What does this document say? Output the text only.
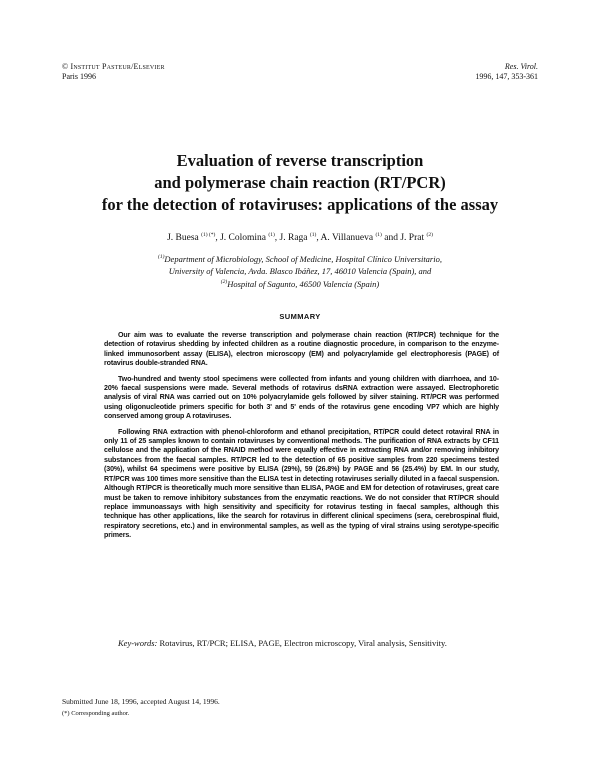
© Institut Pasteur/Elsevier
Paris 1996
Res. Virol.
1996, 147, 353-361
Evaluation of reverse transcription
and polymerase chain reaction (RT/PCR)
for the detection of rotaviruses: applications of the assay
J. Buesa $^{(1) (*)}$, J. Colomina $^{(1)}$, J. Raga $^{(1)}$, A. Villanueva $^{(1)}$ and J. Prat $^{(2)}$
$^{(1)}$Department of Microbiology, School of Medicine, Hospital Clínico Universitario,
University of Valencia, Avda. Blasco Ibáñez, 17, 46010 Valencia (Spain), and
$^{(2)}$Hospital of Sagunto, 46500 Valencia (Spain)
SUMMARY

Our aim was to evaluate the reverse transcription and polymerase chain reaction (RT/PCR) technique for the detection of rotavirus shedding by infected children as a routine diagnostic procedure, in comparison to the enzyme-linked immunosorbent assay (ELISA), electron microscopy (EM) and polyacrylamide gel electrophoresis (PAGE) of rotavirus double-stranded RNA.

Two-hundred and twenty stool specimens were collected from infants and young children with diarrhoea, and 10-20% faecal suspensions were made. Several methods of rotavirus dsRNA extraction were assayed. Electrophoretic analysis of viral RNA was carried out on 10% polyacrylamide gels followed by silver staining. RT/PCR was performed using oligonucleotide primers specific for both 3' and 5' ends of the rotavirus gene encoding VP7 which are highly conserved among group A rotaviruses.

Following RNA extraction with phenol-chloroform and ethanol precipitation, RT/PCR could detect rotaviral RNA in only 11 of 25 samples known to contain rotaviruses by conventional methods. The purification of RNA extracts by CF11 cellulose and the application of the RNAID method were equally effective in extracting RNA and/or removing inhibitory substances from the faecal samples. RT/PCR led to the detection of 65 positive samples from 220 specimens tested (30%), whilst 64 specimens were positive by ELISA (29%), 59 (26.8%) by PAGE and 56 (25.4%) by EM. In our study, RT/PCR was 100 times more sensitive than the ELISA test in detecting rotaviruses serially diluted in a faecal suspension. Although RT/PCR is theoretically much more sensitive than ELISA, PAGE and EM for detection of rotaviruses, great care must be taken to remove inhibitory substances from the enzymatic reactions. We do not consider that RT/PCR should replace immunoassays with high sensitivity and specificity for rotavirus testing in faecal samples, although this technique has other applications, like the search for rotavirus in different clinical specimens (sera, cerebrospinal fluid, respiratory secretions, etc.) and in environmental samples, as well as the typing of viral strains using serotype-specific primers.

Key-words: Rotavirus, RT/PCR; ELISA, PAGE, Electron microscopy, Viral analysis, Sensitivity.
Submitted June 18, 1996, accepted August 14, 1996.
(*) Corresponding author.
